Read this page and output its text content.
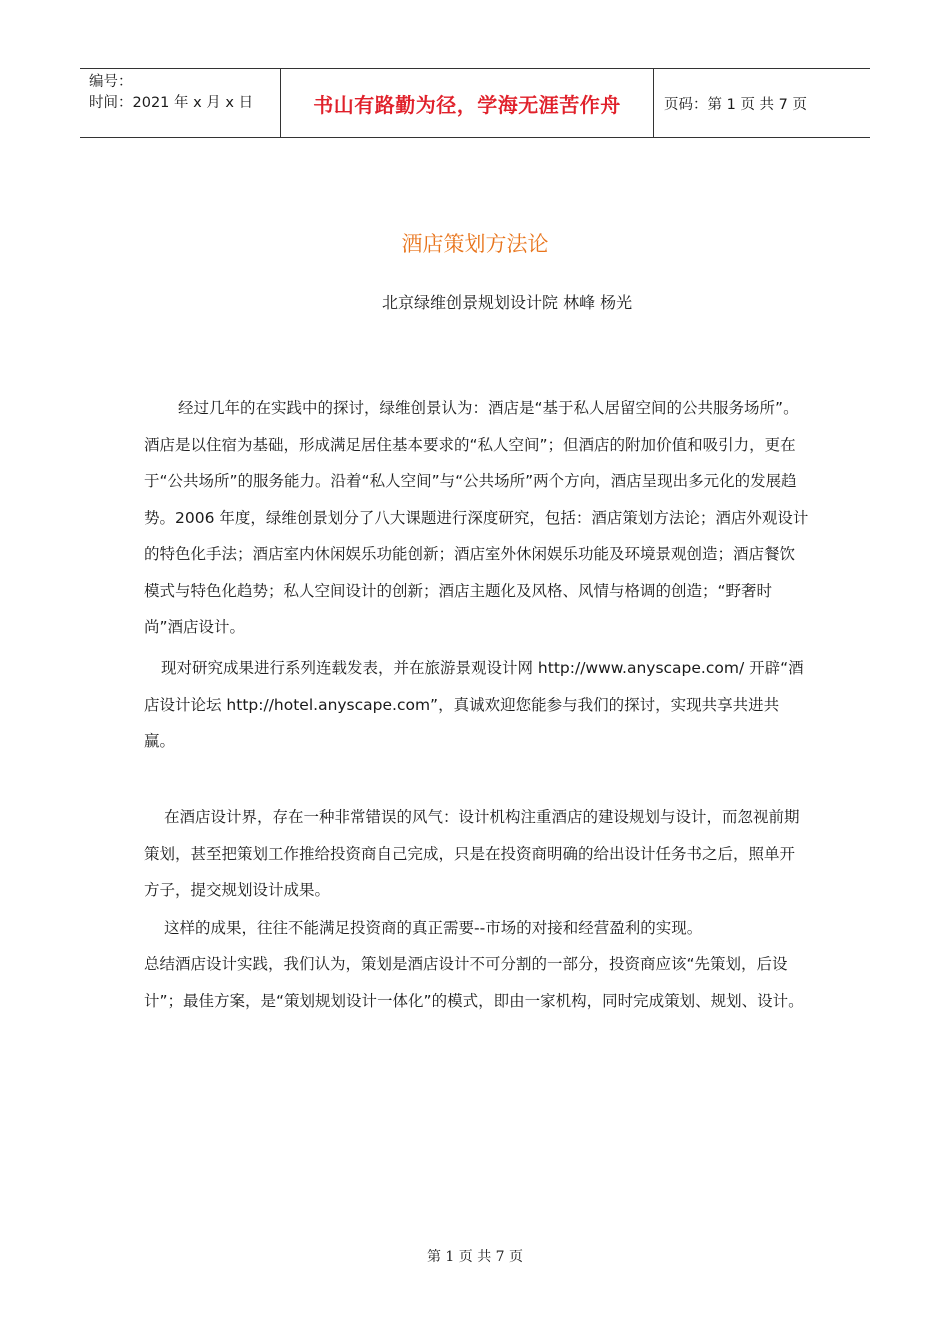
编号：
时间：2021 年 x 月 x 日	书山有路勤为径，学海无涯苦作舟	页码：第 1 页 共 7 页
酒店策划方法论
北京绿维创景规划设计院 林峰 杨光

经过几年的在实践中的探讨，绿维创景认为：酒店是“基于私人居留空间的公共服务场所”。酒店是以住宿为基础，形成满足居住基本要求的“私人空间”；但酒店的附加价值和吸引力，更在于“公共场所”的服务能力。沿着“私人空间”与“公共场所”两个方向，酒店呈现出多元化的发展趋势。2006 年度，绿维创景划分了八大课题进行深度研究，包括：酒店策划方法论；酒店外观设计的特色化手法；酒店室内休闲娱乐功能创新；酒店室外休闲娱乐功能及环境景观创造；酒店餐饮模式与特色化趋势；私人空间设计的创新；酒店主题化及风格、风情与格调的创造；“野奢时尚”酒店设计。

现对研究成果进行系列连载发表，并在旅游景观设计网 http://www.anyscape.com/ 开辟“酒店设计论坛 http://hotel.anyscape.com”，真诚欢迎您能参与我们的探讨，实现共享共进共赢。

在酒店设计界，存在一种非常错误的风气：设计机构注重酒店的建设规划与设计，而忽视前期策划，甚至把策划工作推给投资商自己完成，只是在投资商明确的给出设计任务书之后，照单开方子，提交规划设计成果。

这样的成果，往往不能满足投资商的真正需要--市场的对接和经营盈利的实现。

总结酒店设计实践，我们认为，策划是酒店设计不可分割的一部分，投资商应该“先策划，后设计”；最佳方案，是“策划规划设计一体化”的模式，即由一家机构，同时完成策划、规划、设计。

第 1 页 共 7 页
